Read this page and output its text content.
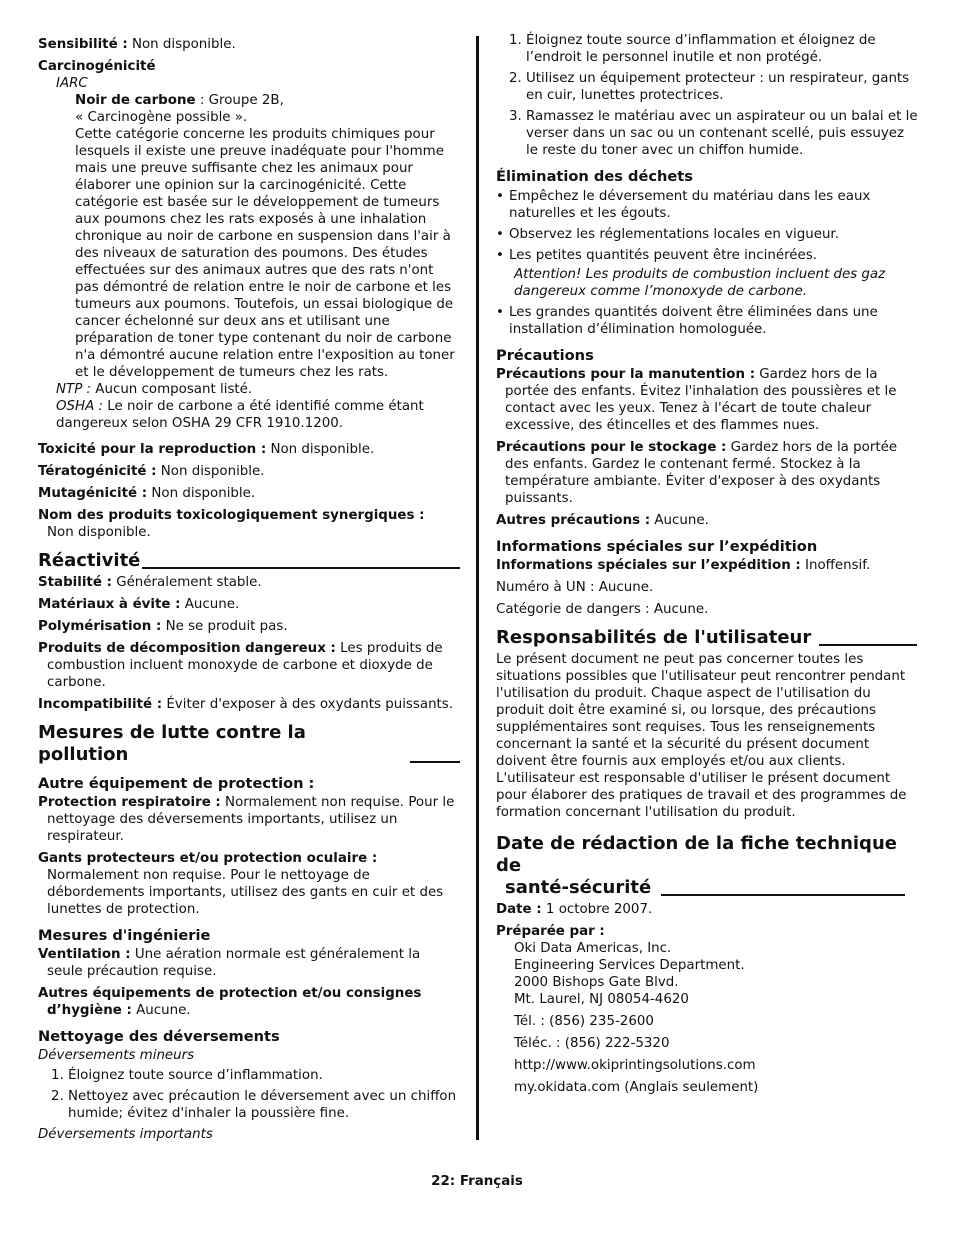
Sensibilité : Non disponible.

Carcinogénicité

IARC

Noir de carbone : Groupe 2B,

« Carcinogène possible ».

Cette catégorie concerne les produits chimiques pour lesquels il existe une preuve inadéquate pour l'homme mais une preuve suffisante chez les animaux pour élaborer une opinion sur la carcinogénicité. Cette catégorie est basée sur le développement de tumeurs aux poumons chez les rats exposés à une inhalation chronique au noir de carbone en suspension dans l'air à des niveaux de saturation des poumons. Des études effectuées sur des animaux autres que des rats n'ont pas démontré de relation entre le noir de carbone et les tumeurs aux poumons. Toutefois, un essai biologique de cancer échelonné sur deux ans et utilisant une préparation de toner type contenant du noir de carbone n'a démontré aucune relation entre l'exposition au toner et le développement de tumeurs chez les rats.

NTP : Aucun composant listé.

OSHA : Le noir de carbone a été identifié comme étant dangereux selon OSHA 29 CFR 1910.1200.

Toxicité pour la reproduction : Non disponible.

Tératogénicité : Non disponible.

Mutagénicité : Non disponible.

Nom des produits toxicologiquement synergiques :
Non disponible.

Réactivité

Stabilité : Généralement stable.

Matériaux à évite : Aucune.

Polymérisation : Ne se produit pas.

Produits de décomposition dangereux : Les produits de combustion incluent monoxyde de carbone et dioxyde de carbone.

Incompatibilité : Éviter d'exposer à des oxydants puissants.

Mesures de lutte contre la pollution

Autre équipement de protection :

Protection respiratoire : Normalement non requise. Pour le nettoyage des déversements importants, utilisez un respirateur.

Gants protecteurs et/ou protection oculaire : Normalement non requise. Pour le nettoyage de débordements importants, utilisez des gants en cuir et des lunettes de protection.

Mesures d'ingénierie

Ventilation : Une aération normale est généralement la seule précaution requise.

Autres équipements de protection et/ou consignes d’hygiène : Aucune.

Nettoyage des déversements

Déversements mineurs

1. Éloignez toute source d’inflammation.
2. Nettoyez avec précaution le déversement avec un chiffon humide; évitez d'inhaler la poussière fine.

Déversements importants

1. Éloignez toute source d’inflammation et éloignez de l’endroit le personnel inutile et non protégé.
2. Utilisez un équipement protecteur : un respirateur, gants en cuir, lunettes protectrices.
3. Ramassez le matériau avec un aspirateur ou un balai et le verser dans un sac ou un contenant scellé, puis essuyez le reste du toner avec un chiffon humide.

Élimination des déchets

• Empêchez le déversement du matériau dans les eaux naturelles et les égouts.
• Observez les réglementations locales en vigueur.
• Les petites quantités peuvent être incinérées.

Attention! Les produits de combustion incluent des gaz dangereux comme l’monoxyde de carbone.

• Les grandes quantités doivent être éliminées dans une installation d’élimination homologuée.

Précautions

Précautions pour la manutention : Gardez hors de la portée des enfants. Évitez l'inhalation des poussières et le contact avec les yeux. Tenez à l'écart de toute chaleur excessive, des étincelles et des flammes nues.

Précautions pour le stockage : Gardez hors de la portée des enfants. Gardez le contenant fermé. Stockez à la température ambiante. Éviter d'exposer à des oxydants puissants.

Autres précautions : Aucune.

Informations spéciales sur l’expédition

Informations spéciales sur l’expédition : Inoffensif.

Numéro à UN : Aucune.

Catégorie de dangers : Aucune.

Responsabilités de l'utilisateur

Le présent document ne peut pas concerner toutes les situations possibles que l'utilisateur peut rencontrer pendant l'utilisation du produit. Chaque aspect de l'utilisation du produit doit être examiné si, ou lorsque, des précautions supplémentaires sont requises. Tous les renseignements concernant la santé et la sécurité du présent document doivent être fournis aux employés et/ou aux clients. L'utilisateur est responsable d'utiliser le présent document pour élaborer des pratiques de travail et des programmes de formation concernant l'utilisation du produit.

Date de rédaction de la fiche technique de
santé-sécurité

Date : 1 octobre 2007.

Préparée par :

Oki Data Americas, Inc.

Engineering Services Department.

2000 Bishops Gate Blvd.

Mt. Laurel, NJ 08054-4620

Tél. : (856) 235-2600

Téléc. : (856) 222-5320

http://www.okiprintingsolutions.com

my.okidata.com (Anglais seulement)

22: Français
